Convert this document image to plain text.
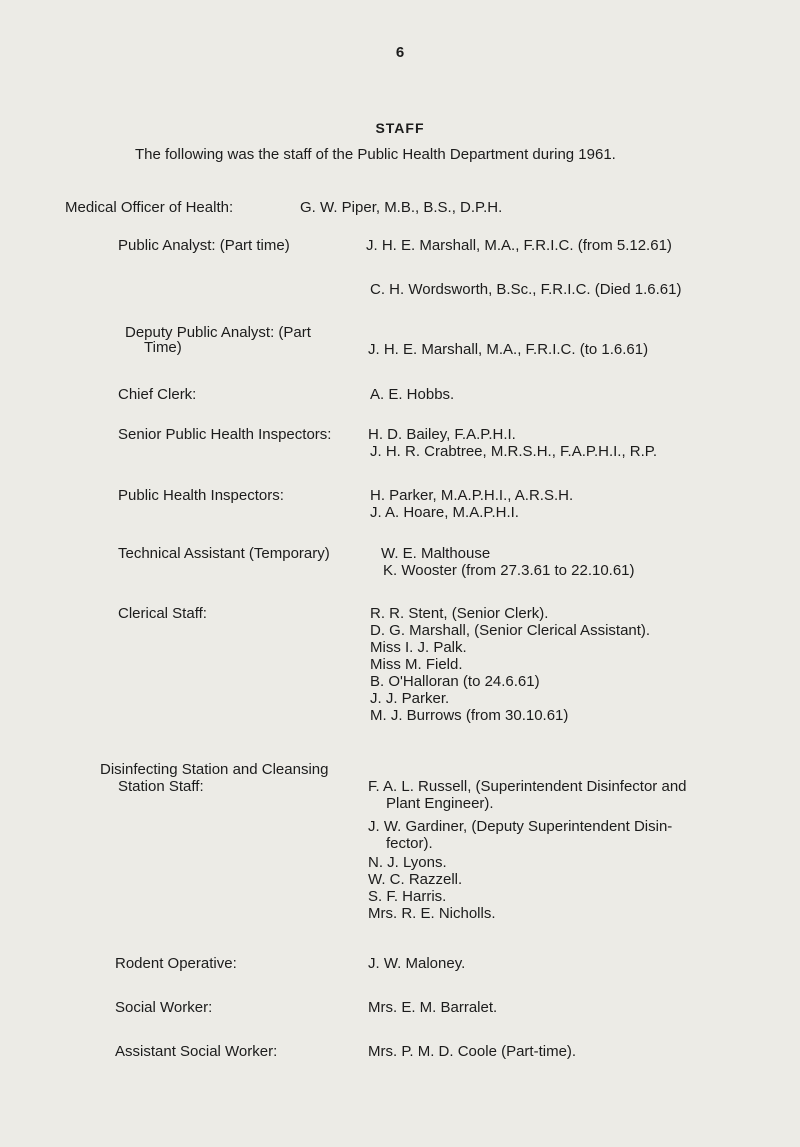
6
STAFF
The following was the staff of the Public Health Department during 1961.
Medical Officer of Health:	G. W. Piper, M.B., B.S., D.P.H.
Public Analyst: (Part time)	J. H. E. Marshall, M.A., F.R.I.C. (from 5.12.61)
C. H. Wordsworth, B.Sc., F.R.I.C. (Died 1.6.61)
Deputy Public Analyst: (Part
Time)	J. H. E. Marshall, M.A., F.R.I.C. (to 1.6.61)
Chief Clerk:	A. E. Hobbs.
Senior Public Health Inspectors: H. D. Bailey, F.A.P.H.I.
J. H. R. Crabtree, M.R.S.H., F.A.P.H.I., R.P.
Public Health Inspectors:	H. Parker, M.A.P.H.I., A.R.S.H.
J. A. Hoare, M.A.P.H.I.
Technical Assistant (Temporary)	W. E. Malthouse
K. Wooster (from 27.3.61 to 22.10.61)
Clerical Staff:	R. R. Stent, (Senior Clerk).
D. G. Marshall, (Senior Clerical Assistant).
Miss I. J. Palk.
Miss M. Field.
B. O'Halloran (to 24.6.61)
J. J. Parker.
M. J. Burrows (from 30.10.61)
Disinfecting Station and Cleansing
Station Staff:	F. A. L. Russell, (Superintendent Disinfector and
Plant Engineer).
J. W. Gardiner, (Deputy Superintendent Disin-
fector).
N. J. Lyons.
W. C. Razzell.
S. F. Harris.
Mrs. R. E. Nicholls.
Rodent Operative:	J. W. Maloney.
Social Worker:	Mrs. E. M. Barralet.
Assistant Social Worker:	Mrs. P. M. D. Coole (Part-time).
